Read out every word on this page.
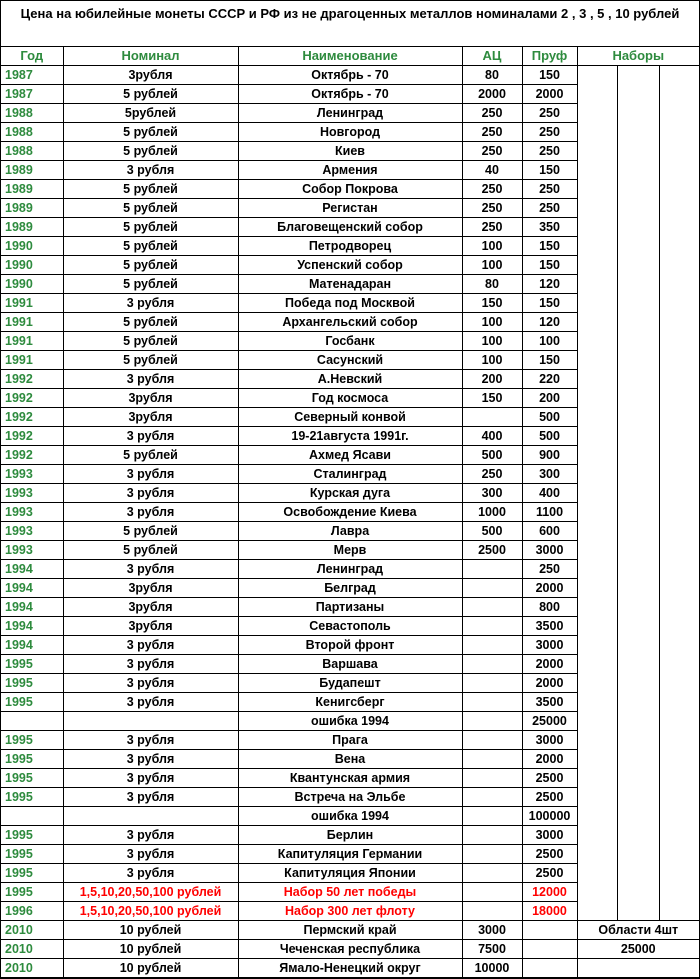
Цена на юбилейные монеты СССР и РФ из не драгоценных металлов номиналами 2 , 3 , 5 , 10 рублей
Год	Номинал	Наименование	АЦ	Пруф	Наборы		
1987	3рубля	Октябрь - 70	80	150			
1987	5 рублей	Октябрь - 70	2000	2000			
1988	5рублей	Ленинград	250	250			
1988	5 рублей	Новгород	250	250			
1988	5 рублей	Киев	250	250			
1989	3 рубля	Армения	40	150			
1989	5 рублей	Собор Покрова	250	250			
1989	5 рублей	Регистан	250	250			
1989	5 рублей	Благовещенский собор	250	350			
1990	5 рублей	Петродворец	100	150			
1990	5 рублей	Успенский собор	100	150			
1990	5 рублей	Матенадаран	80	120			
1991	3 рубля	Победа под Москвой	150	150			
1991	5 рублей	Архангельский собор	100	120			
1991	5 рублей	Госбанк	100	100			
1991	5 рублей	Сасунский	100	150			
1992	3 рубля	А.Невский	200	220			
1992	3рубля	Год космоса	150	200			
1992	3рубля	Северный конвой		500			
1992	3 рубля	19-21августа 1991г.	400	500			
1992	5 рублей	Ахмед Ясави	500	900			
1993	3 рубля	Сталинград	250	300			
1993	3 рубля	Курская дуга	300	400			
1993	3 рубля	Освобождение Киева	1000	1100			
1993	5 рублей	Лавра	500	600			
1993	5 рублей	Мерв	2500	3000			
1994	3 рубля	Ленинград		250			
1994	3рубля	Белград		2000			
1994	3рубля	Партизаны		800			
1994	3рубля	Севастополь		3500			
1994	3 рубля	Второй фронт		3000			
1995	3 рубля	Варшава		2000			
1995	3 рубля	Будапешт		2000			
1995	3 рубля	Кенигсберг		3500			
		ошибка 1994		25000			
1995	3 рубля	Прага		3000			
1995	3 рубля	Вена		2000			
1995	3 рубля	Квантунская армия		2500			
1995	3 рубля	Встреча на Эльбе		2500			
		ошибка 1994		100000			
1995	3 рубля	Берлин		3000			
1995	3 рубля	Капитуляция Германии		2500			
1995	3 рубля	Капитуляция Японии		2500			
1995	1,5,10,20,50,100 рублей	Набор 50 лет победы		12000			
1996	1,5,10,20,50,100 рублей	Набор 300 лет флоту		18000			
2010	10 рублей	Пермский край	3000		Области 4шт		
2010	10 рублей	Чеченская республика	7500		25000		
2010	10 рублей	Ямало-Ненецкий округ	10000				
